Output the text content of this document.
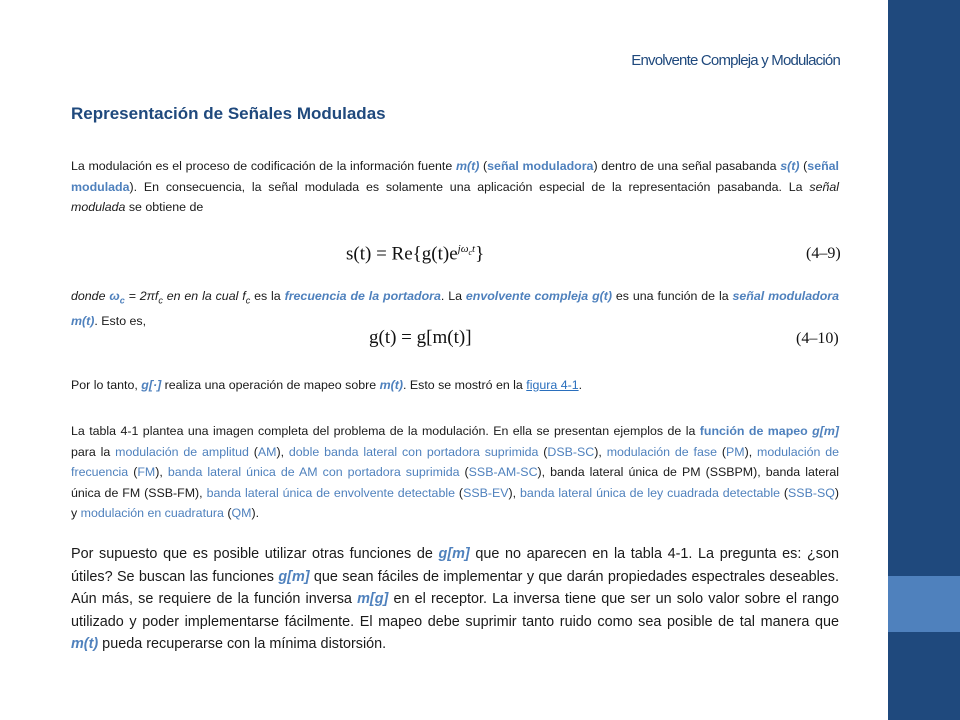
Envolvente Compleja y Modulación
Representación de Señales Moduladas
La modulación es el proceso de codificación de la información fuente m(t) (señal moduladora) dentro de una señal pasabanda s(t) (señal modulada). En consecuencia, la señal modulada es solamente una aplicación especial de la representación pasabanda. La señal modulada se obtiene de
$s(t) = Re\{g(t)e^{j\omega_ct}\}$	(4–9)
donde $\omega_c = 2\pi f_c$ en en la cual $f_c$ es la frecuencia de la portadora. La envolvente compleja g(t) es una función de la señal moduladora m(t). Esto es,
g(t) = g[m(t)]	(4–10)
Por lo tanto, g[·] realiza una operación de mapeo sobre m(t). Esto se mostró en la figura 4-1.
La tabla 4-1 plantea una imagen completa del problema de la modulación. En ella se presentan ejemplos de la función de mapeo g[m] para la modulación de amplitud (AM), doble banda lateral con portadora suprimida (DSB-SC), modulación de fase (PM), modulación de frecuencia (FM), banda lateral única de AM con portadora suprimida (SSB-AM-SC), banda lateral única de PM (SSBPM), banda lateral única de FM (SSB-FM), banda lateral única de envolvente detectable (SSB-EV), banda lateral única de ley cuadrada detectable (SSB-SQ) y modulación en cuadratura (QM).
Por supuesto que es posible utilizar otras funciones de g[m] que no aparecen en la tabla 4-1. La pregunta es: ¿son útiles? Se buscan las funciones g[m] que sean fáciles de implementar y que darán propiedades espectrales deseables. Aún más, se requiere de la función inversa m[g] en el receptor. La inversa tiene que ser un solo valor sobre el rango utilizado y poder implementarse fácilmente. El mapeo debe suprimir tanto ruido como sea posible de tal manera que m(t) pueda recuperarse con la mínima distorsión.
